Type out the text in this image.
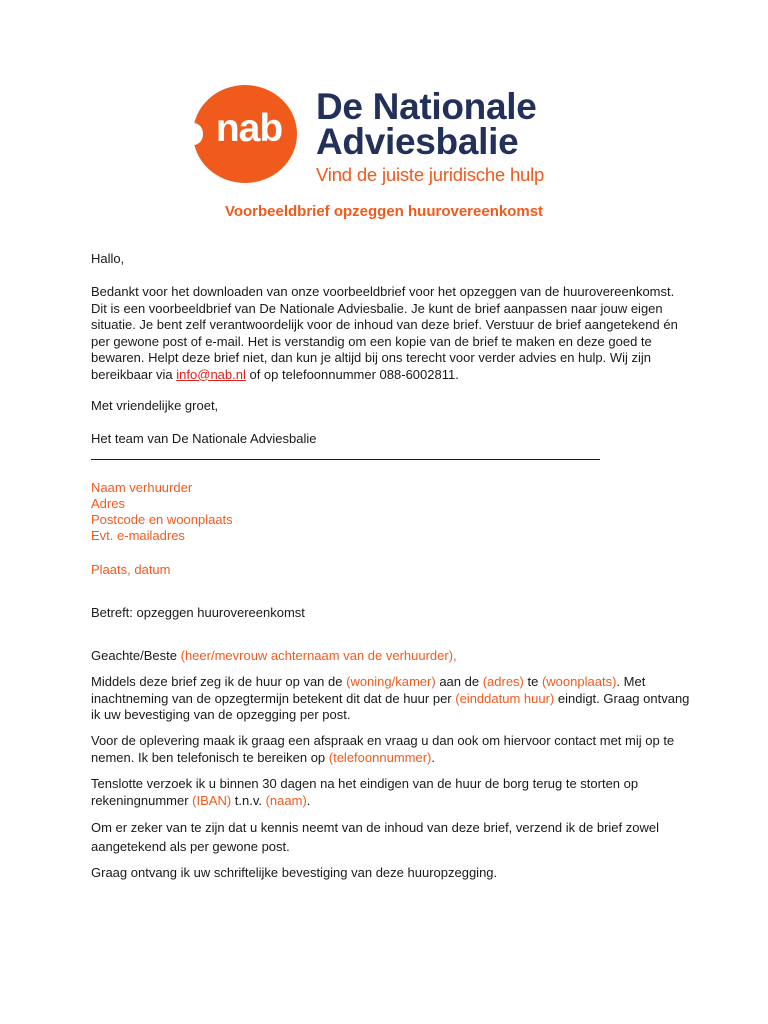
nab
De Nationale
Adviesbalie
Vind de juiste juridische hulp
Voorbeeldbrief opzeggen huurovereenkomst
Hallo,
Bedankt voor het downloaden van onze voorbeeldbrief voor het opzeggen van de huurovereenkomst. Dit is een voorbeeldbrief van De Nationale Adviesbalie. Je kunt de brief aanpassen naar jouw eigen situatie. Je bent zelf verantwoordelijk voor de inhoud van deze brief. Verstuur de brief aangetekend én per gewone post of e-mail. Het is verstandig om een kopie van de brief te maken en deze goed te bewaren. Helpt deze brief niet, dan kun je altijd bij ons terecht voor verder advies en hulp. Wij zijn bereikbaar via info@nab.nl of op telefoonnummer 088-6002811.
Met vriendelijke groet,
Het team van De Nationale Adviesbalie
Naam verhuurder
Adres
Postcode en woonplaats
Evt. e-mailadres
Plaats, datum
Betreft: opzeggen huurovereenkomst
Geachte/Beste (heer/mevrouw achternaam van de verhuurder),
Middels deze brief zeg ik de huur op van de (woning/kamer) aan de (adres) te (woonplaats). Met inachtneming van de opzegtermijn betekent dit dat de huur per (einddatum huur) eindigt. Graag ontvang ik uw bevestiging van de opzegging per post.
Voor de oplevering maak ik graag een afspraak en vraag u dan ook om hiervoor contact met mij op te nemen. Ik ben telefonisch te bereiken op (telefoonnummer).
Tenslotte verzoek ik u binnen 30 dagen na het eindigen van de huur de borg terug te storten op rekeningnummer (IBAN) t.n.v. (naam).
Om er zeker van te zijn dat u kennis neemt van de inhoud van deze brief, verzend ik de brief zowel aangetekend als per gewone post.
Graag ontvang ik uw schriftelijke bevestiging van deze huuropzegging.
